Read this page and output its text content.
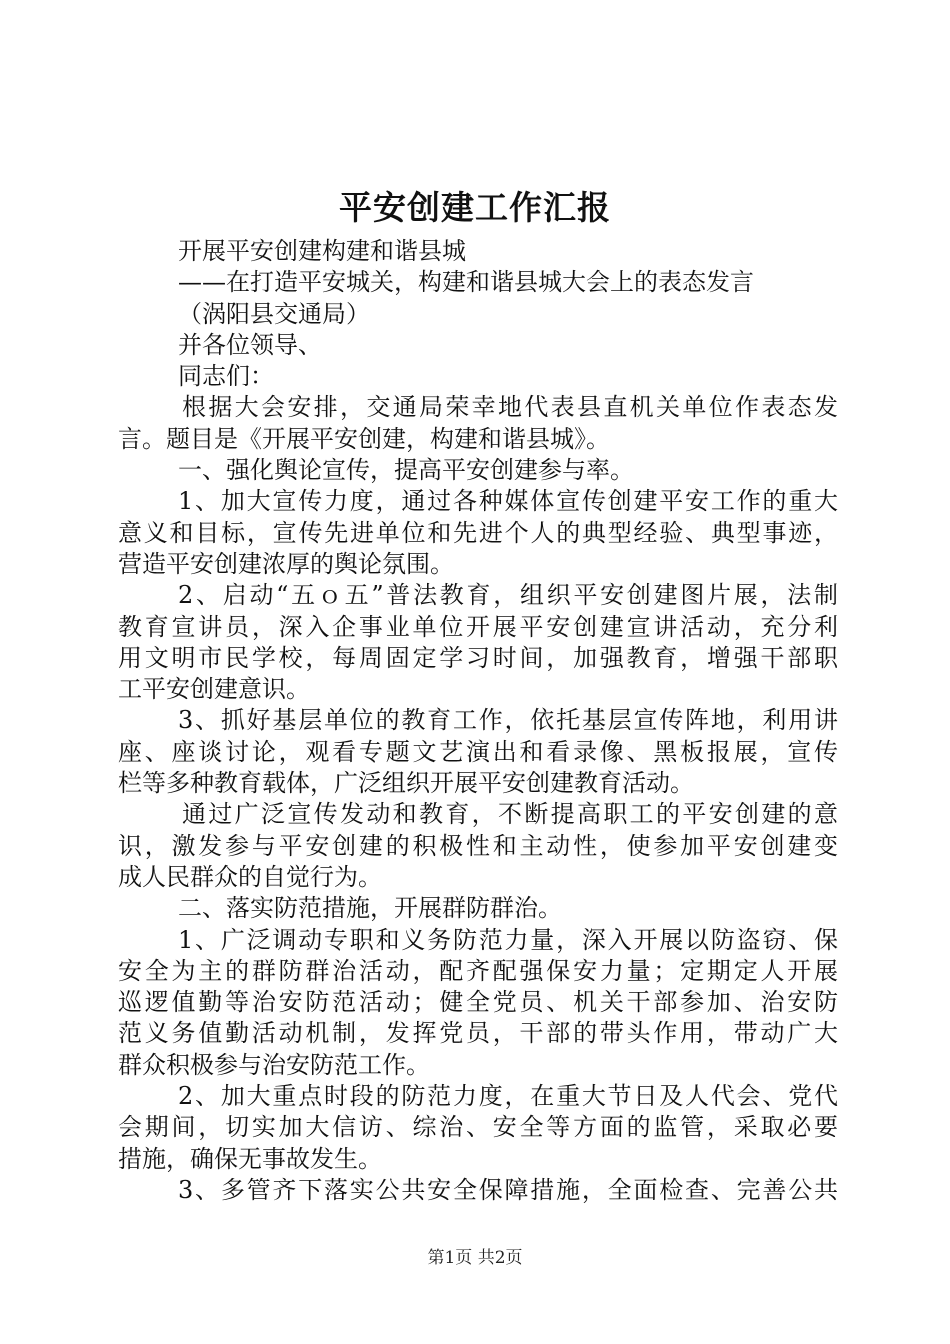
平安创建工作汇报
开展平安创建构建和谐县城
——在打造平安城关，构建和谐县城大会上的表态发言
（涡阳县交通局）
并各位领导、
同志们：
根据大会安排，交通局荣幸地代表县直机关单位作表态发
言。题目是《开展平安创建，构建和谐县城》。
一、强化舆论宣传，提高平安创建参与率。
1、加大宣传力度，通过各种媒体宣传创建平安工作的重大
意义和目标，宣传先进单位和先进个人的典型经验、典型事迹，
营造平安创建浓厚的舆论氛围。
2、启动“五ｏ五”普法教育，组织平安创建图片展，法制
教育宣讲员，深入企事业单位开展平安创建宣讲活动，充分利
用文明市民学校，每周固定学习时间，加强教育，增强干部职
工平安创建意识。
3、抓好基层单位的教育工作，依托基层宣传阵地，利用讲
座、座谈讨论，观看专题文艺演出和看录像、黑板报展，宣传
栏等多种教育载体，广泛组织开展平安创建教育活动。
通过广泛宣传发动和教育，不断提高职工的平安创建的意
识，激发参与平安创建的积极性和主动性，使参加平安创建变
成人民群众的自觉行为。
二、落实防范措施，开展群防群治。
1、广泛调动专职和义务防范力量，深入开展以防盗窃、保
安全为主的群防群治活动，配齐配强保安力量；定期定人开展
巡逻值勤等治安防范活动；健全党员、机关干部参加、治安防
范义务值勤活动机制，发挥党员，干部的带头作用，带动广大
群众积极参与治安防范工作。
2、加大重点时段的防范力度，在重大节日及人代会、党代
会期间，切实加大信访、综治、安全等方面的监管，采取必要
措施，确保无事故发生。
3、多管齐下落实公共安全保障措施，全面检查、完善公共
第1页 共2页
